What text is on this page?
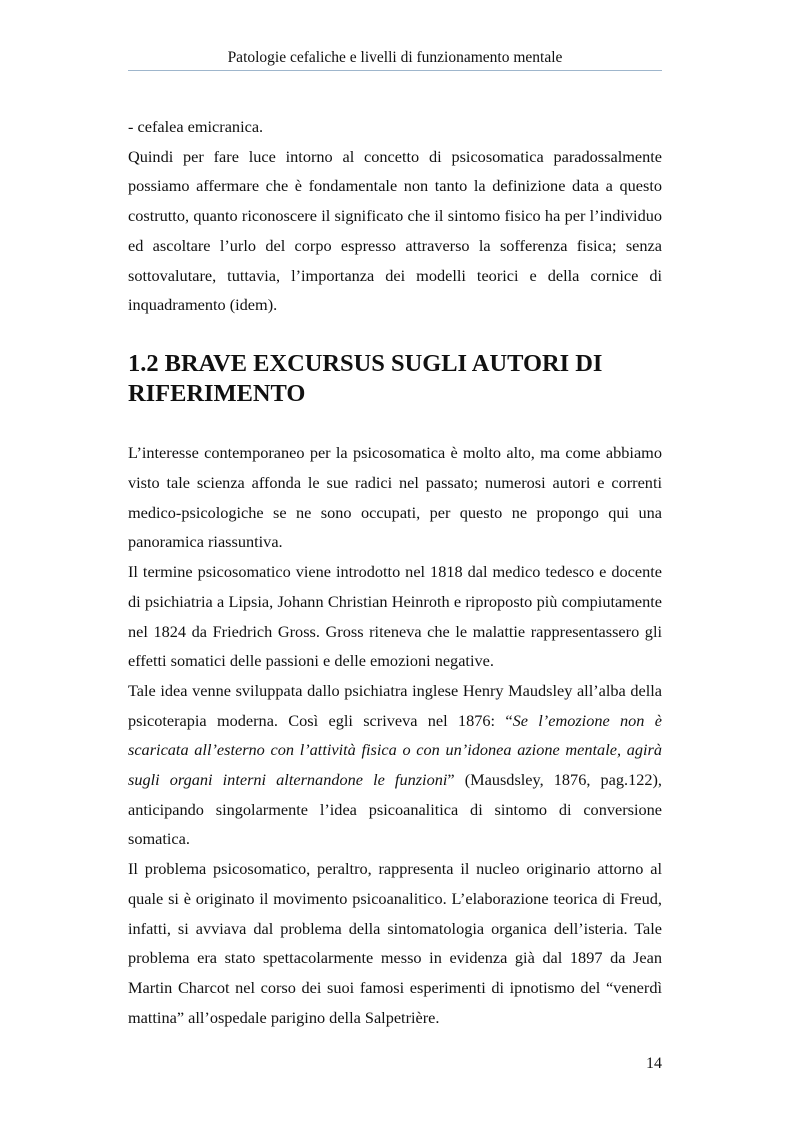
Patologie cefaliche e livelli di funzionamento mentale

- cefalea emicranica.

Quindi per fare luce intorno al concetto di psicosomatica paradossalmente possiamo affermare che è fondamentale non tanto la definizione data a questo costrutto, quanto riconoscere il significato che il sintomo fisico ha per l’individuo ed ascoltare l’urlo del corpo espresso attraverso la sofferenza fisica; senza sottovalutare, tuttavia, l’importanza dei modelli teorici e della cornice di inquadramento (idem).

1.2 BRAVE EXCURSUS SUGLI AUTORI DI RIFERIMENTO

L’interesse contemporaneo per la psicosomatica è molto alto, ma come abbiamo visto tale scienza affonda le sue radici nel passato; numerosi autori e correnti medico-psicologiche se ne sono occupati, per questo ne propongo qui una panoramica riassuntiva.

Il termine psicosomatico viene introdotto nel 1818 dal medico tedesco e docente di psichiatria a Lipsia, Johann Christian Heinroth e riproposto più compiutamente nel 1824 da Friedrich Gross. Gross riteneva che le malattie rappresentassero gli effetti somatici delle passioni e delle emozioni negative.

Tale idea venne sviluppata dallo psichiatra inglese Henry Maudsley all’alba della psicoterapia moderna. Così egli scriveva nel 1876: “Se l’emozione non è scaricata all’esterno con l’attività fisica o con un’idonea azione mentale, agirà sugli organi interni alternandone le funzioni” (Mausdsley, 1876, pag.122), anticipando singolarmente l’idea psicoanalitica di sintomo di conversione somatica.

Il problema psicosomatico, peraltro, rappresenta il nucleo originario attorno al quale si è originato il movimento psicoanalitico. L’elaborazione teorica di Freud, infatti, si avviava dal problema della sintomatologia organica dell’isteria. Tale problema era stato spettacolarmente messo in evidenza già dal 1897 da Jean Martin Charcot nel corso dei suoi famosi esperimenti di ipnotismo del “venerdì mattina” all’ospedale parigino della Salpetrière.

14
